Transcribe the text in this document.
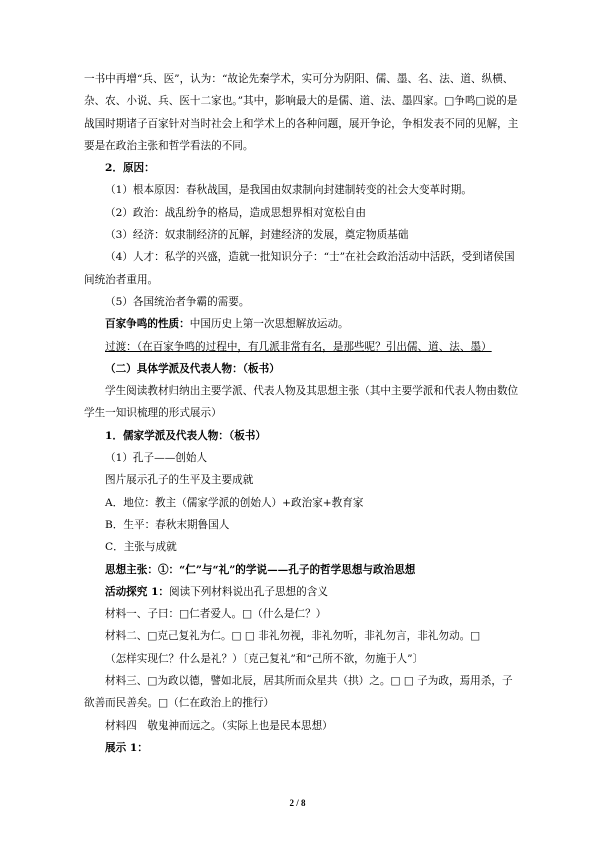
一书中再增“兵、医”，认为：“故论先秦学术，实可分为阴阳、儒、墨、名、法、道、纵横、杂、农、小说、兵、医十二家也。”其中，影响最大的是儒、道、法、墨四家。□争鸣□说的是战国时期诸子百家针对当时社会上和学术上的各种问题，展开争论，争相发表不同的见解，主要是在政治主张和哲学看法的不同。

2．原因：

（1）根本原因：春秋战国，是我国由奴隶制向封建制转变的社会大变革时期。

（2）政治：战乱纷争的格局，造成思想界相对宽松自由

（3）经济：奴隶制经济的瓦解，封建经济的发展，奠定物质基础

（4）人才：私学的兴盛，造就一批知识分子：“士”在社会政治活动中活跃，受到诸侯国间统治者重用。

（5）各国统治者争霸的需要。

百家争鸣的性质：中国历史上第一次思想解放运动。

过渡：（在百家争鸣的过程中，有几派非常有名，是那些呢？引出儒、道、法、墨）

（二）具体学派及代表人物：（板书）

学生阅读教材归纳出主要学派、代表人物及其思想主张（其中主要学派和代表人物由数位学生一知识梳理的形式展示）

1．儒家学派及代表人物：（板书）

（1）孔子——创始人

图片展示孔子的生平及主要成就

A．地位：教主（儒家学派的创始人）+政治家+教育家

B．生平：春秋末期鲁国人

C．主张与成就

思想主张：①：“仁”与“礼”的学说——孔子的哲学思想与政治思想

活动探究 1：阅读下列材料说出孔子思想的含义

材料一、子曰：□仁者爱人。□（什么是仁？）

材料二、□克己复礼为仁。□ □ 非礼勿视，非礼勿听，非礼勿言，非礼勿动。□

（怎样实现仁？什么是礼？）〔克己复礼”和“己所不欲，勿施于人”〕

材料三、□为政以德，譬如北辰，居其所而众星共（拱）之。□ □ 子为政，焉用杀，子欲善而民善矣。□（仁在政治上的推行）

材料四　敬鬼神而远之。（实际上也是民本思想）

展示 1：

2 / 8
